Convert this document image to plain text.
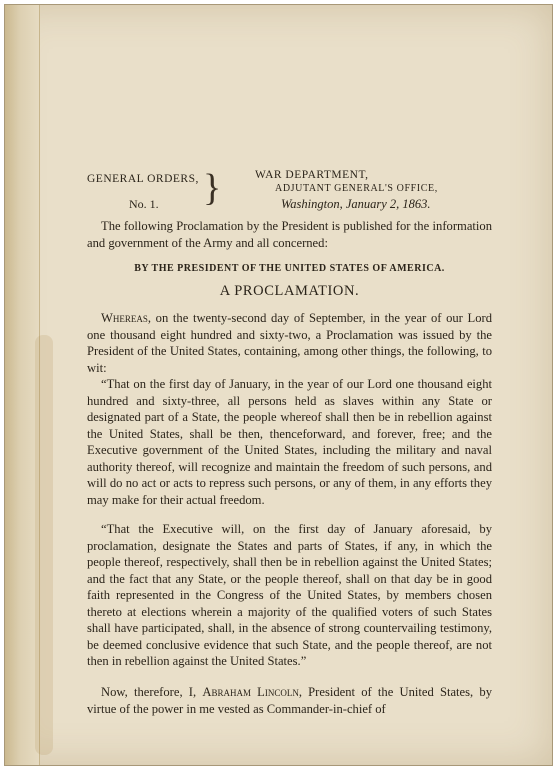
GENERAL ORDERS,
No. 1. }	WAR DEPARTMENT,
ADJUTANT GENERAL'S OFFICE,
Washington, January 2, 1863.

The following Proclamation by the President is published for the information and government of the Army and all concerned:

BY THE PRESIDENT OF THE UNITED STATES OF AMERICA.
A PROCLAMATION.

Whereas, on the twenty-second day of September, in the year of our Lord one thousand eight hundred and sixty-two, a Proclamation was issued by the President of the United States, containing, among other things, the following, to wit:

“That on the first day of January, in the year of our Lord one thousand eight hundred and sixty-three, all persons held as slaves within any State or designated part of a State, the people whereof shall then be in rebellion against the United States, shall be then, thenceforward, and forever, free; and the Executive government of the United States, including the military and naval authority thereof, will recognize and maintain the freedom of such persons, and will do no act or acts to repress such persons, or any of them, in any efforts they may make for their actual freedom.

“That the Executive will, on the first day of January aforesaid, by proclamation, designate the States and parts of States, if any, in which the people thereof, respectively, shall then be in rebellion against the United States; and the fact that any State, or the people thereof, shall on that day be in good faith represented in the Congress of the United States, by members chosen thereto at elections wherein a majority of the qualified voters of such States shall have participated, shall, in the absence of strong countervailing testimony, be deemed conclusive evidence that such State, and the people thereof, are not then in rebellion against the United States.”

Now, therefore, I, Abraham Lincoln, President of the United States, by virtue of the power in me vested as Commander-in-chief of
